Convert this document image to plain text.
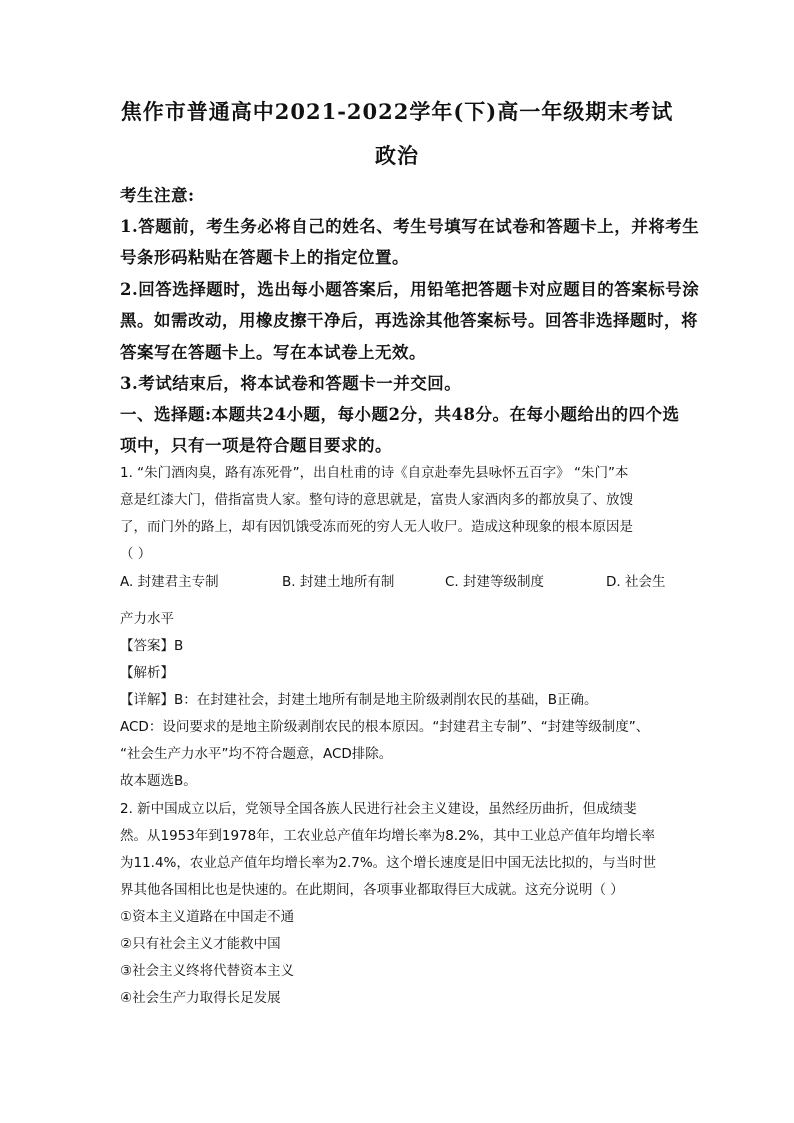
焦作市普通高中2021-2022学年(下)高一年级期末考试
政治
考生注意:
1.答题前，考生务必将自己的姓名、考生号填写在试卷和答题卡上，并将考生
号条形码粘贴在答题卡上的指定位置。
2.回答选择题时，选出每小题答案后，用铅笔把答题卡对应题目的答案标号涂
黑。如需改动，用橡皮擦干净后，再选涂其他答案标号。回答非选择题时，将
答案写在答题卡上。写在本试卷上无效。
3.考试结束后，将本试卷和答题卡一并交回。
一、选择题:本题共24小题，每小题2分，共48分。在每小题给出的四个选
项中，只有一项是符合题目要求的。
1. “朱门酒肉臭，路有冻死骨”，出自杜甫的诗《自京赴奉先县咏怀五百字》 “朱门”本
意是红漆大门，借指富贵人家。整句诗的意思就是，富贵人家酒肉多的都放臭了、放馊
了，而门外的路上，却有因饥饿受冻而死的穷人无人收尸。造成这种现象的根本原因是
（ ）
A. 封建君主专制	B. 封建土地所有制	C. 封建等级制度	D. 社会生
产力水平
【答案】B
【解析】
【详解】B：在封建社会，封建土地所有制是地主阶级剥削农民的基础，B正确。
ACD：设问要求的是地主阶级剥削农民的根本原因。“封建君主专制”、“封建等级制度”、
“社会生产力水平”均不符合题意，ACD排除。
故本题选B。
2. 新中国成立以后，党领导全国各族人民进行社会主义建设，虽然经历曲折，但成绩斐
然。从1953年到1978年，工农业总产值年均增长率为8.2%，其中工业总产值年均增长率
为11.4%，农业总产值年均增长率为2.7%。这个增长速度是旧中国无法比拟的，与当时世
界其他各国相比也是快速的。在此期间，各项事业都取得巨大成就。这充分说明（ ）
①资本主义道路在中国走不通
②只有社会主义才能救中国
③社会主义终将代替资本主义
④社会生产力取得长足发展
